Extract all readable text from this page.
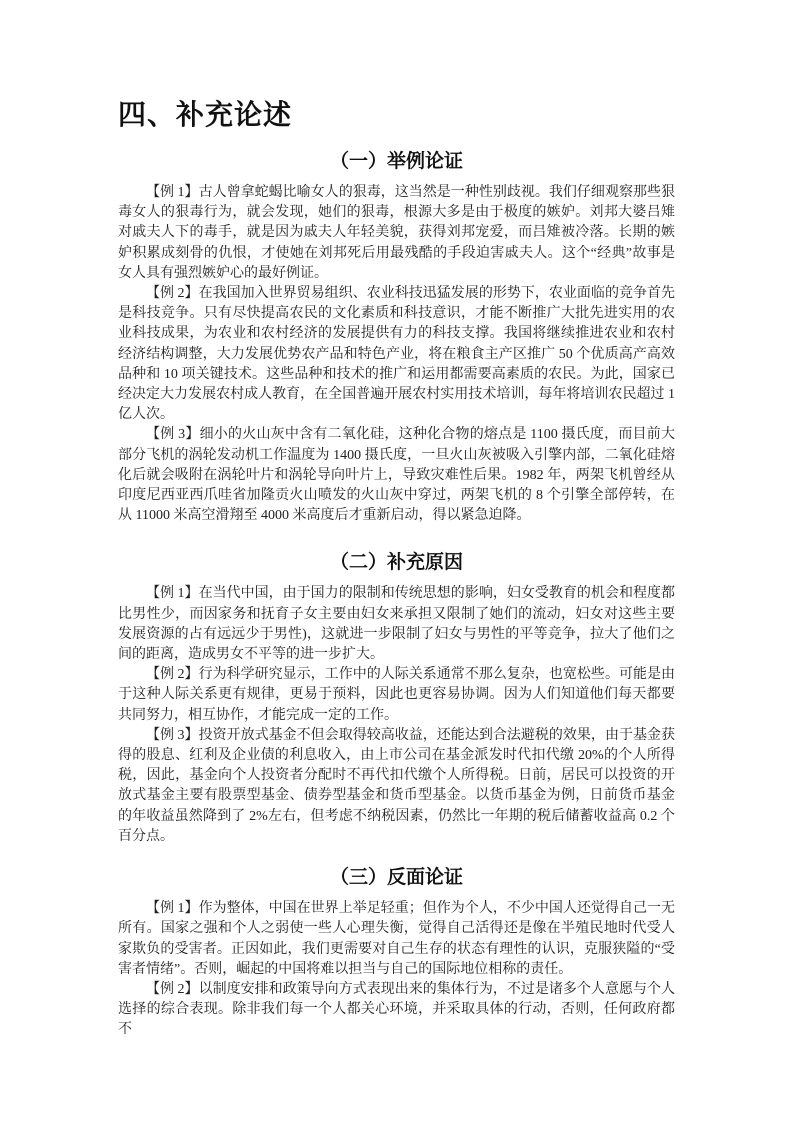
四、补充论述
（一）举例论证

【例 1】古人曾拿蛇蝎比喻女人的狠毒，这当然是一种性别歧视。我们仔细观察那些狠毒女人的狠毒行为，就会发现，她们的狠毒，根源大多是由于极度的嫉妒。刘邦大婆吕雉对戚夫人下的毒手，就是因为戚夫人年轻美貌，获得刘邦宠爱，而吕雉被冷落。长期的嫉妒积累成刻骨的仇恨，才使她在刘邦死后用最残酷的手段迫害戚夫人。这个“经典”故事是女人具有强烈嫉妒心的最好例证。

【例 2】在我国加入世界贸易组织、农业科技迅猛发展的形势下，农业面临的竞争首先是科技竞争。只有尽快提高农民的文化素质和科技意识，才能不断推广大批先进实用的农业科技成果，为农业和农村经济的发展提供有力的科技支撑。我国将继续推进农业和农村经济结构调整，大力发展优势农产品和特色产业，将在粮食主产区推广 50 个优质高产高效品种和 10 项关键技术。这些品种和技术的推广和运用都需要高素质的农民。为此，国家已经决定大力发展农村成人教育，在全国普遍开展农村实用技术培训，每年将培训农民超过 1 亿人次。

【例 3】细小的火山灰中含有二氧化硅，这种化合物的熔点是 1100 摄氏度，而目前大部分飞机的涡轮发动机工作温度为 1400 摄氏度，一旦火山灰被吸入引擎内部，二氧化硅熔化后就会吸附在涡轮叶片和涡轮导向叶片上，导致灾难性后果。1982 年，两架飞机曾经从印度尼西亚西爪哇省加隆贡火山喷发的火山灰中穿过，两架飞机的 8 个引擎全部停转，在从 11000 米高空滑翔至 4000 米高度后才重新启动，得以紧急迫降。

（二）补充原因

【例 1】在当代中国，由于国力的限制和传统思想的影响，妇女受教育的机会和程度都比男性少，而因家务和抚育子女主要由妇女来承担又限制了她们的流动，妇女对这些主要发展资源的占有远远少于男性)，这就进一步限制了妇女与男性的平等竞争，拉大了他们之间的距离，造成男女不平等的进一步扩大。

【例 2】行为科学研究显示，工作中的人际关系通常不那么复杂，也宽松些。可能是由于这种人际关系更有规律，更易于预料，因此也更容易协调。因为人们知道他们每天都要共同努力，相互协作，才能完成一定的工作。

【例 3】投资开放式基金不但会取得较高收益，还能达到合法避税的效果，由于基金获得的股息、红利及企业债的利息收入，由上市公司在基金派发时代扣代缴 20%的个人所得税，因此，基金向个人投资者分配时不再代扣代缴个人所得税。日前，居民可以投资的开放式基金主要有股票型基金、债券型基金和货币型基金。以货币基金为例，日前货币基金的年收益虽然降到了 2%左右，但考虑不纳税因素，仍然比一年期的税后储蓄收益高 0.2 个百分点。

（三）反面论证

【例 1】作为整体，中国在世界上举足轻重；但作为个人，不少中国人还觉得自己一无所有。国家之强和个人之弱使一些人心理失衡，觉得自己活得还是像在半殖民地时代受人家欺负的受害者。正因如此，我们更需要对自己生存的状态有理性的认识，克服狭隘的“受害者情绪”。否则，崛起的中国将难以担当与自己的国际地位相称的责任。

【例 2】以制度安排和政策导向方式表现出来的集体行为，不过是诸多个人意愿与个人选择的综合表现。除非我们每一个人都关心环境，并采取具体的行动，否则，任何政府都不
